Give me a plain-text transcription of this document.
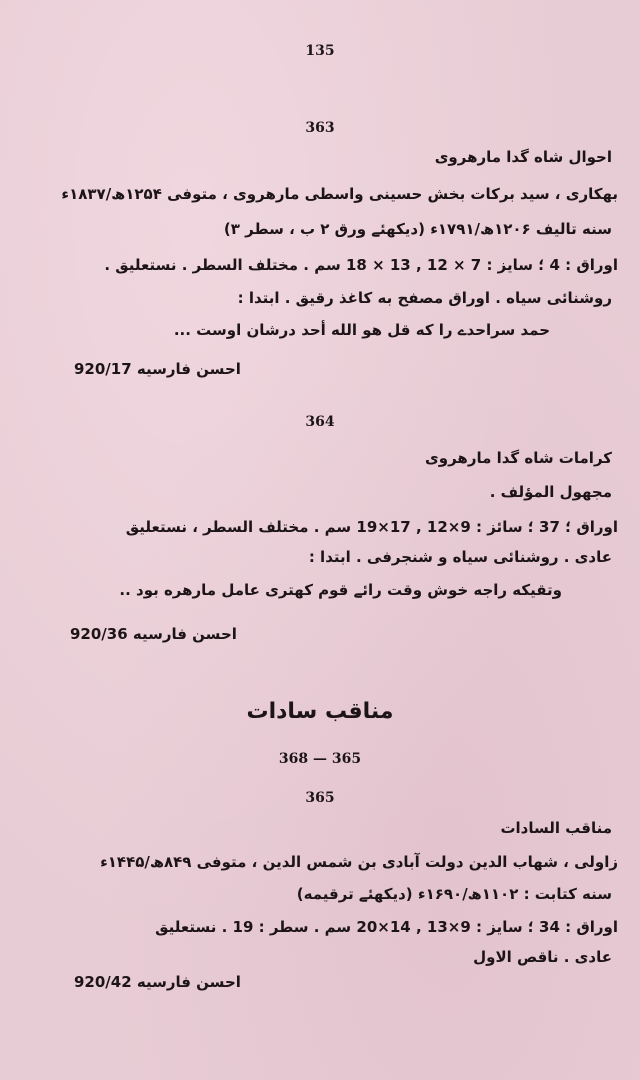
135
363
احوال شاه گدا مارهروی
بهکاری ، سید برکات بخش حسینی واسطی مارهروی ، متوفی ۱۲۵۴ھ/۱۸۳۷ء
سنه تالیف ۱۲۰۶ھ/۱۷۹۱ء (دیکھئے ورق ۲ ب ، سطر ۳)
اوراق : 4 ؛ سایز : 7 × 12 , 13 × 18 سم . مختلف السطر . نستعلیق .
روشنائی سیاه . اوراق مصفح به کاغذ رقیق . ابتدا :
حمد سراحدے را که قل هو الله أحد درشان اوست ...
احسن فارسیه 920/17
364
کرامات شاه گدا مارهروی
مجهول المؤلف .
اوراق ؛ 37 ؛ سائز : 9×12 , 17×19 سم . مختلف السطر ، نستعلیق
عادی . روشنائی سیاه و شنجرفی . ابتدا :
وتقیکه راجه خوش وقت رائے قوم کهتری عامل مارهره بود ..
احسن فارسیه 920/36
مناقب سادات
368 — 365
365
مناقب السادات
زاولی ، شهاب الدین دولت آبادی بن شمس الدین ، متوفی ۸۴۹ھ/۱۴۴۵ء
سنه کتابت : ۱۱۰۲ھ/۱۶۹۰ء (دیکھئے ترقیمه)
اوراق : 34 ؛ سایز : 9×13 , 14×20 سم . سطر : 19 . نستعلیق
عادی . ناقص الاول
احسن فارسیه 920/42
